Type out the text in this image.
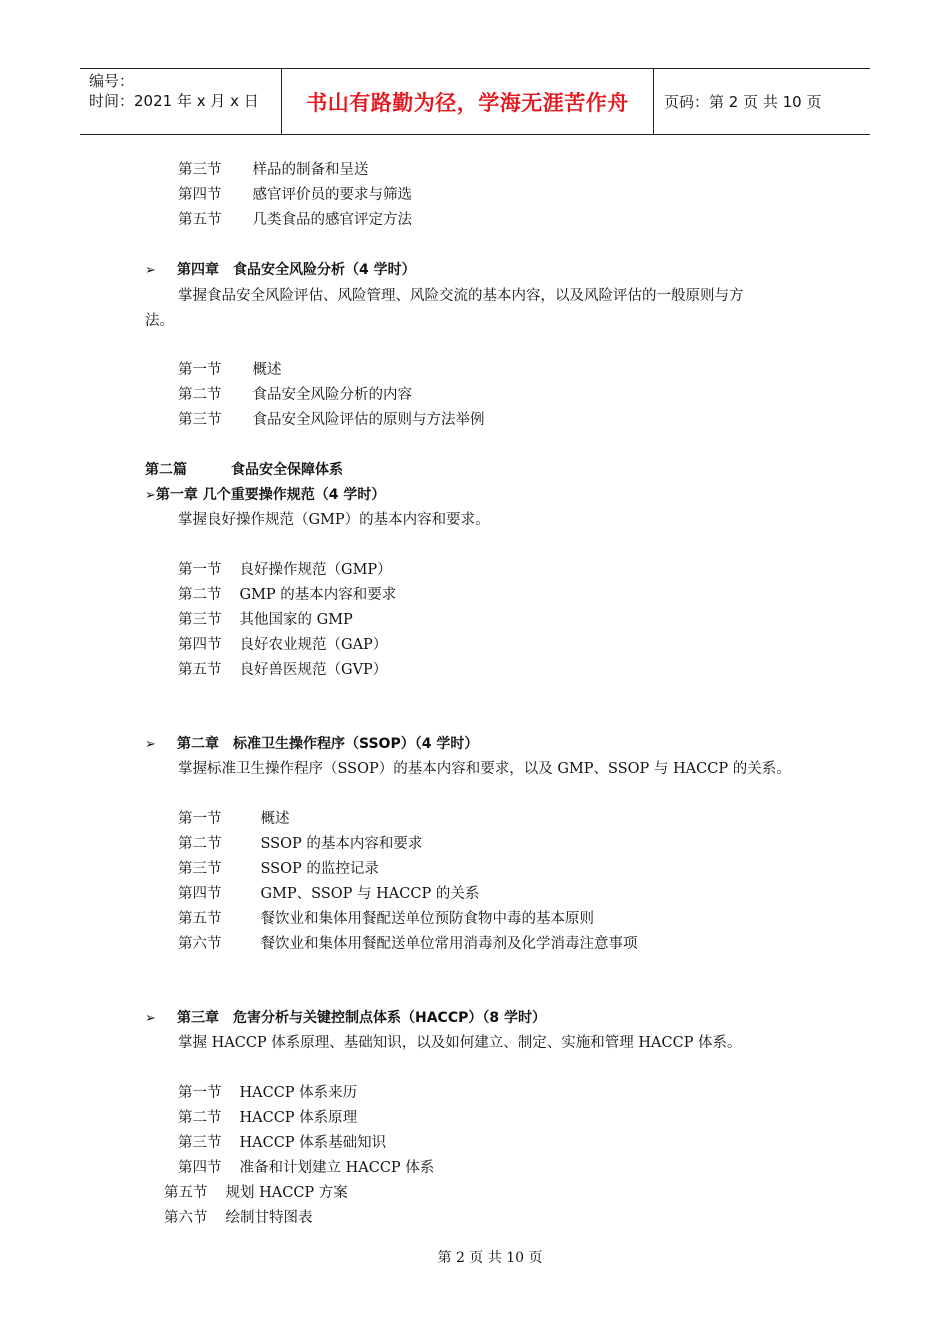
编号：
时间：2021 年 x 月 x 日 书山有路勤为径，学海无涯苦作舟 页码：第 2 页 共 10 页
第三节 样品的制备和呈送
第四节 感官评价员的要求与筛选
第五节 几类食品的感官评定方法
➢ 第四章　食品安全风险分析（4 学时）
掌握食品安全风险评估、风险管理、风险交流的基本内容，以及风险评估的一般原则与方
法。
第一节 概述
第二节 食品安全风险分析的内容
第三节 食品安全风险评估的原则与方法举例
第二篇	食品安全保障体系
➢第一章 几个重要操作规范（4 学时）
掌握良好操作规范（GMP）的基本内容和要求。
第一节 良好操作规范（GMP）
第二节 GMP 的基本内容和要求
第三节 其他国家的 GMP
第四节 良好农业规范（GAP）
第五节 良好兽医规范（GVP）
➢ 第二章　标准卫生操作程序（SSOP）（4 学时）
掌握标准卫生操作程序（SSOP）的基本内容和要求，以及 GMP、SSOP 与 HACCP 的关系。
第一节	概述
第二节	SSOP 的基本内容和要求
第三节	SSOP 的监控记录
第四节	GMP、SSOP 与 HACCP 的关系
第五节	餐饮业和集体用餐配送单位预防食物中毒的基本原则
第六节	餐饮业和集体用餐配送单位常用消毒剂及化学消毒注意事项
➢ 第三章　危害分析与关键控制点体系（HACCP）（8 学时）
掌握 HACCP 体系原理、基础知识，以及如何建立、制定、实施和管理 HACCP 体系。
第一节 HACCP 体系来历
第二节 HACCP 体系原理
第三节 HACCP 体系基础知识
第四节 准备和计划建立 HACCP 体系
第五节 规划 HACCP 方案
第六节 绘制甘特图表
第 2 页 共 10 页
